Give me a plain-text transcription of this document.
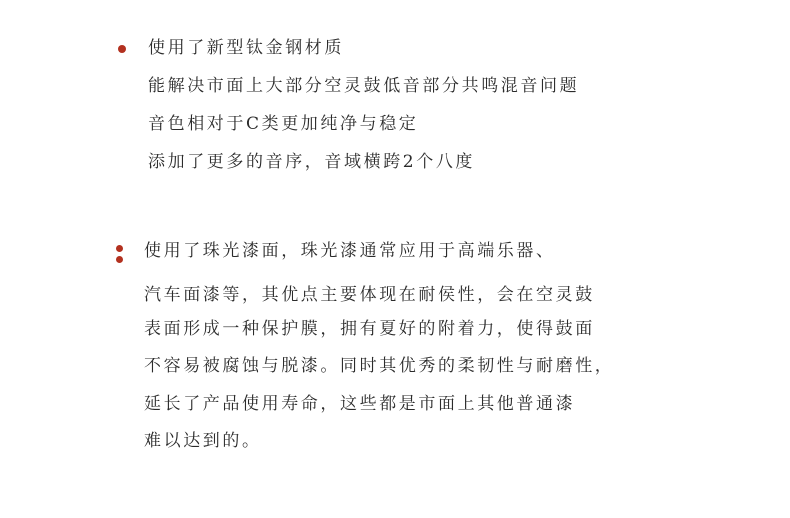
使用了新型钛金钢材质
能解决市面上大部分空灵鼓低音部分共鸣混音问题
音色相对于C类更加纯净与稳定
添加了更多的音序，音域横跨2个八度
使用了珠光漆面，珠光漆通常应用于高端乐器、
汽车面漆等，其优点主要体现在耐侯性，会在空灵鼓
表面形成一种保护膜，拥有夏好的附着力，使得鼓面
不容易被腐蚀与脱漆。同时其优秀的柔韧性与耐磨性，
延长了产品使用寿命，这些都是市面上其他普通漆
难以达到的。
